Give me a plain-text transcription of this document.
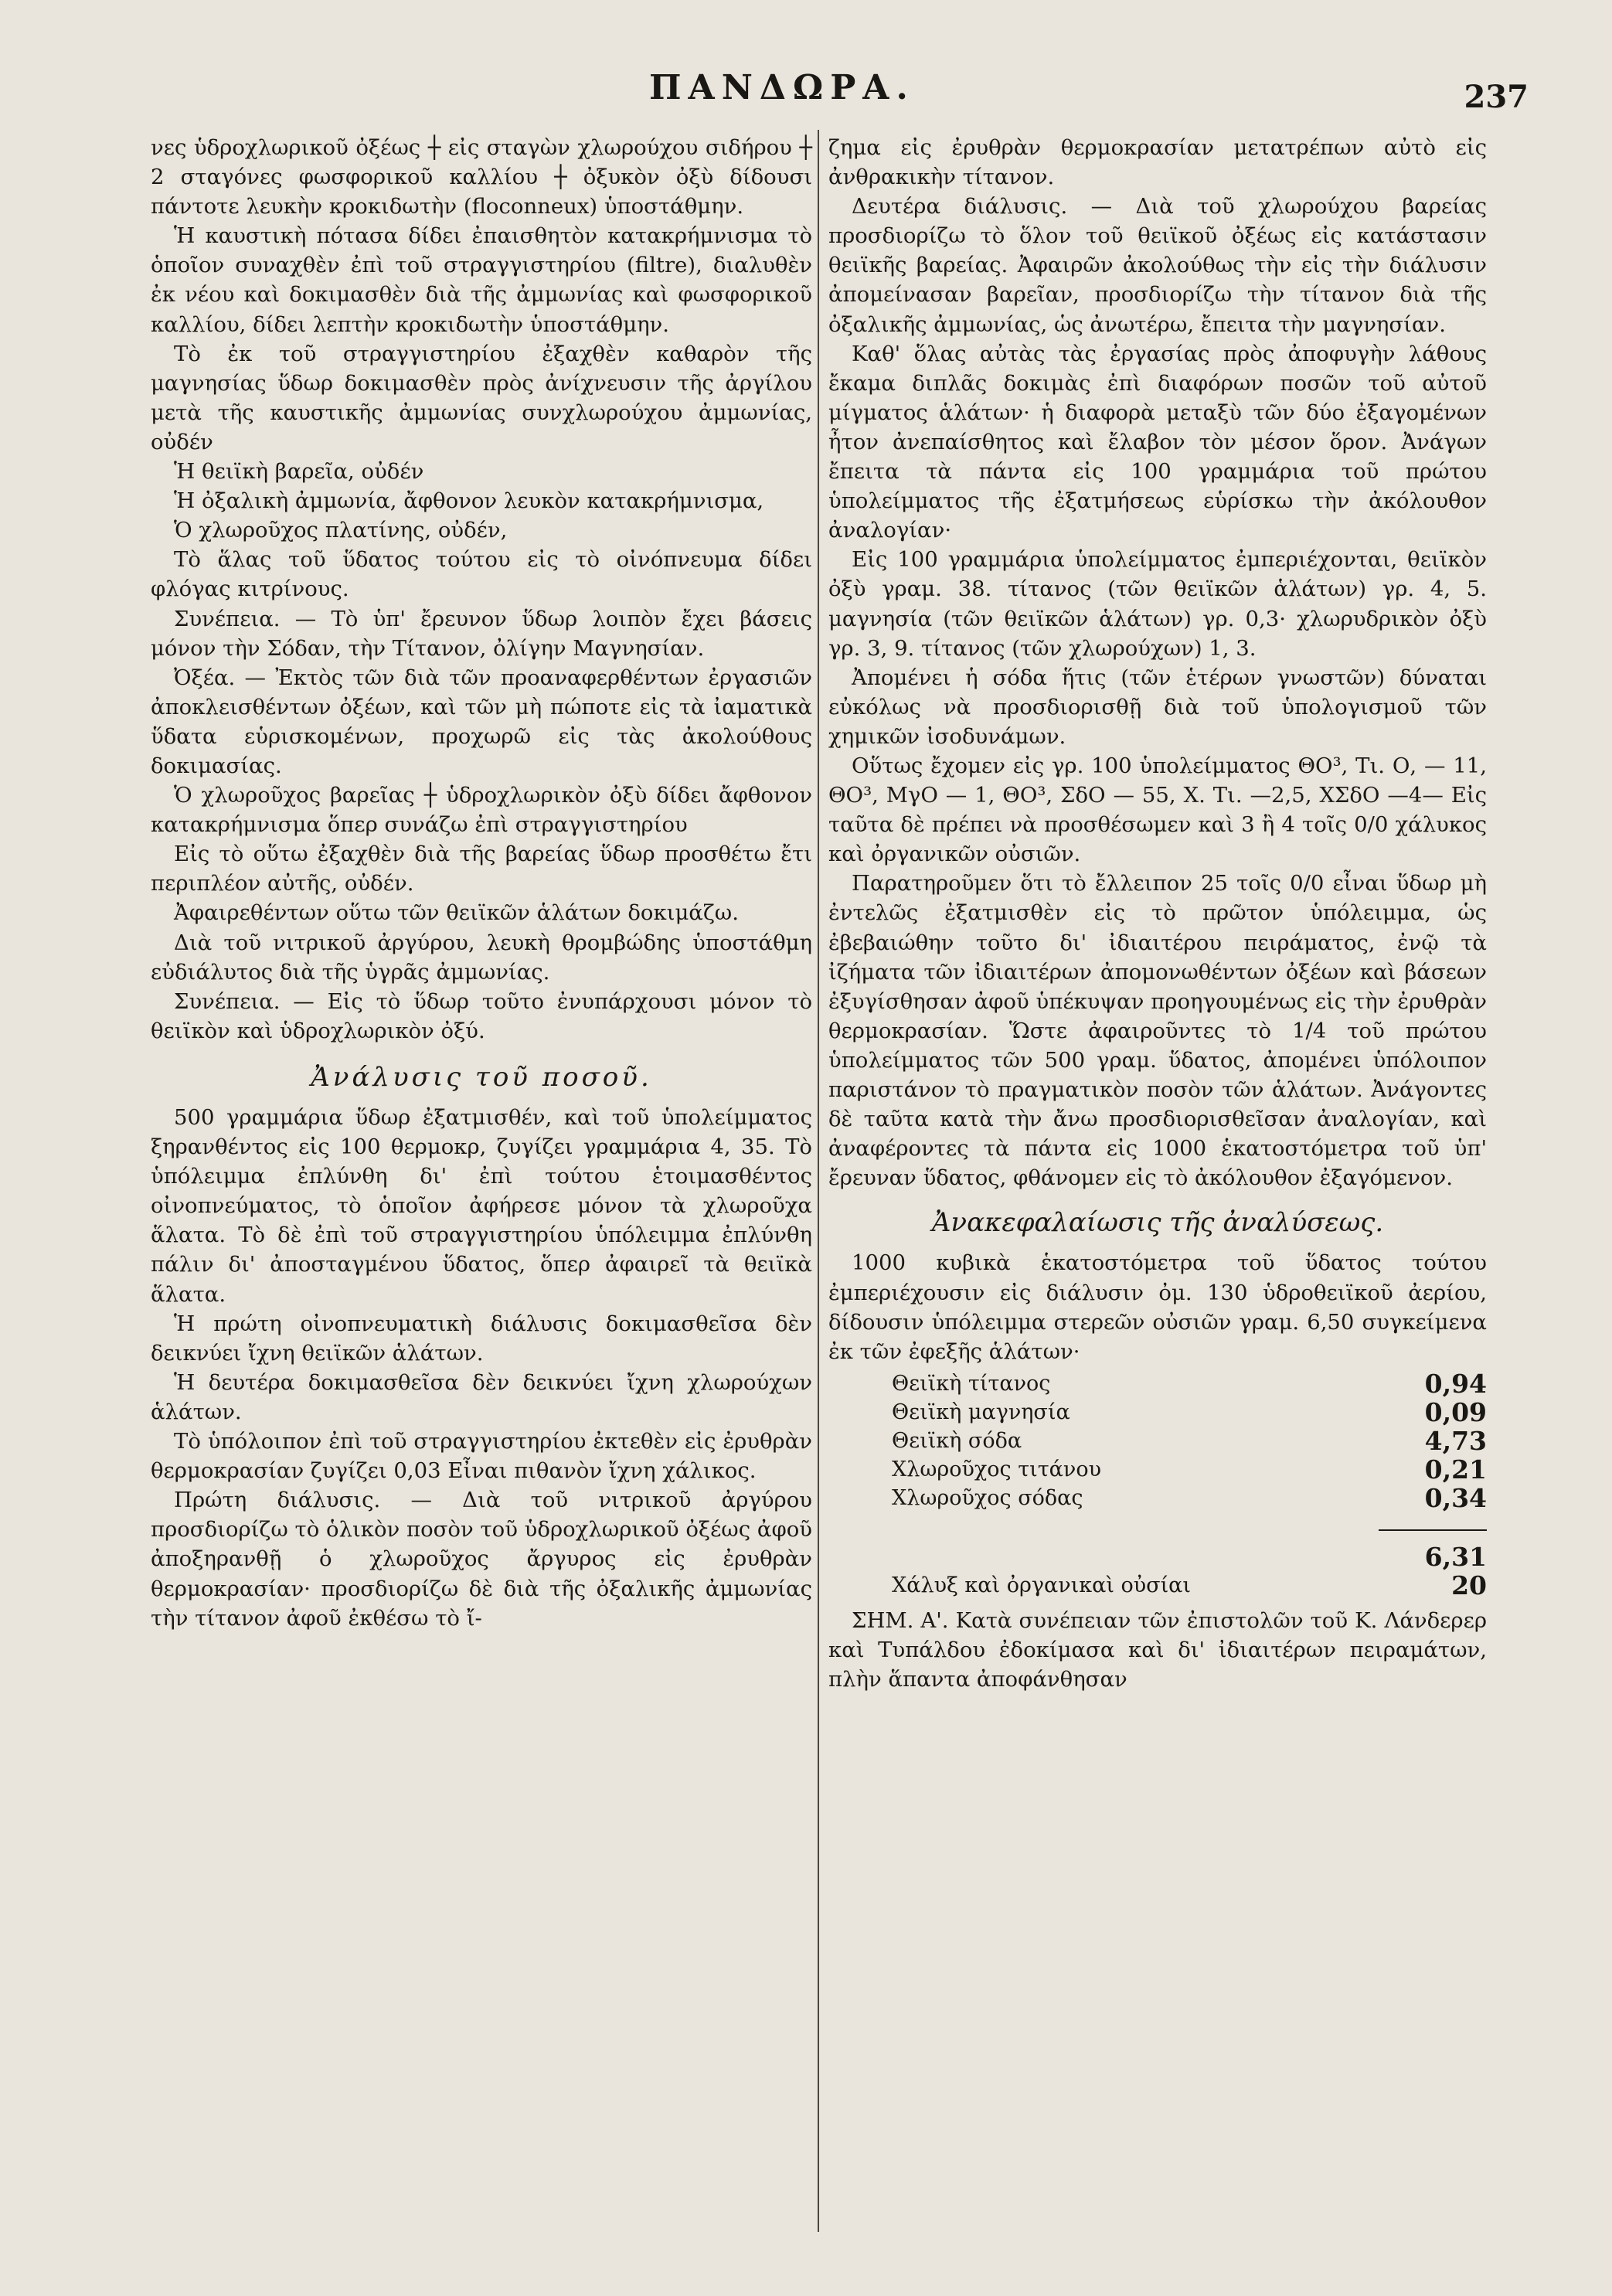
ΠΑΝΔΩΡΑ.	237

νες ὑδροχλωρικοῦ ὀξέως ┼ εἰς σταγὼν χλωρούχου σιδήρου ┼ 2 σταγόνες φωσφορικοῦ καλλίου ┼ ὀξυκὸν ὀξὺ δίδουσι πάντοτε λευκὴν κροκιδωτὴν (floconneux) ὑποστάθμην.

Ἡ καυστικὴ πότασα δίδει ἐπαισθητὸν κατακρήμνισμα τὸ ὁποῖον συναχθὲν ἐπὶ τοῦ στραγγιστηρίου (filtre), διαλυθὲν ἐκ νέου καὶ δοκιμασθὲν διὰ τῆς ἀμμωνίας καὶ φωσφορικοῦ καλλίου, δίδει λεπτὴν κροκιδωτὴν ὑποστάθμην.

Τὸ ἐκ τοῦ στραγγιστηρίου ἐξαχθὲν καθαρὸν τῆς μαγνησίας ὕδωρ δοκιμασθὲν πρὸς ἀνίχνευσιν τῆς ἀργίλου μετὰ τῆς καυστικῆς ἀμμωνίας συνχλωρούχου ἀμμωνίας, οὐδέν

Ἡ θειϊκὴ βαρεῖα, οὐδέν

Ἡ ὀξαλικὴ ἀμμωνία, ἄφθονον λευκὸν κατακρήμνισμα,

Ὁ χλωροῦχος πλατίνης, οὐδέν,

Τὸ ἅλας τοῦ ὕδατος τούτου εἰς τὸ οἰνόπνευμα δίδει φλόγας κιτρίνους.

Συνέπεια. — Τὸ ὑπ' ἔρευνον ὕδωρ λοιπὸν ἔχει βάσεις μόνον τὴν Σόδαν, τὴν Τίτανον, ὀλίγην Μαγνησίαν.

Ὀξέα. — Ἐκτὸς τῶν διὰ τῶν προαναφερθέντων ἐργασιῶν ἀποκλεισθέντων ὀξέων, καὶ τῶν μὴ πώποτε εἰς τὰ ἰαματικὰ ὕδατα εὑρισκομένων, προχωρῶ εἰς τὰς ἀκολούθους δοκιμασίας.

Ὁ χλωροῦχος βαρεῖας ┼ ὑδροχλωρικὸν ὀξὺ δίδει ἄφθονον κατακρήμνισμα ὅπερ συνάζω ἐπὶ στραγγιστηρίου

Εἰς τὸ οὕτω ἐξαχθὲν διὰ τῆς βαρείας ὕδωρ προσθέτω ἔτι περιπλέον αὐτῆς, οὐδέν.

Ἀφαιρεθέντων οὕτω τῶν θειϊκῶν ἁλάτων δοκιμάζω.

Διὰ τοῦ νιτρικοῦ ἀργύρου, λευκὴ θρομβώδης ὑποστάθμη εὐδιάλυτος διὰ τῆς ὑγρᾶς ἀμμωνίας.

Συνέπεια. — Εἰς τὸ ὕδωρ τοῦτο ἐνυπάρχουσι μόνον τὸ θειϊκὸν καὶ ὑδροχλωρικὸν ὀξύ.

Ἀνάλυσις τοῦ ποσοῦ.

500 γραμμάρια ὕδωρ ἐξατμισθέν, καὶ τοῦ ὑπολείμματος ξηρανθέντος εἰς 100 θερμοκρ, ζυγίζει γραμμάρια 4, 35. Τὸ ὑπόλειμμα ἐπλύνθη δι' ἐπὶ τούτου ἑτοιμασθέντος οἰνοπνεύματος, τὸ ὁποῖον ἀφήρεσε μόνον τὰ χλωροῦχα ἅλατα. Τὸ δὲ ἐπὶ τοῦ στραγγιστηρίου ὑπόλειμμα ἐπλύνθη πάλιν δι' ἀποσταγμένου ὕδατος, ὅπερ ἀφαιρεῖ τὰ θειϊκὰ ἅλατα.

Ἡ πρώτη οἰνοπνευματικὴ διάλυσις δοκιμασθεῖσα δὲν δεικνύει ἴχνη θειϊκῶν ἁλάτων.

Ἡ δευτέρα δοκιμασθεῖσα δὲν δεικνύει ἴχνη χλωρούχων ἁλάτων.

Τὸ ὑπόλοιπον ἐπὶ τοῦ στραγγιστηρίου ἐκτεθὲν εἰς ἐρυθρὰν θερμοκρασίαν ζυγίζει 0,03 Εἶναι πιθανὸν ἴχνη χάλικος.

Πρώτη διάλυσις. — Διὰ τοῦ νιτρικοῦ ἀργύρου προσδιορίζω τὸ ὁλικὸν ποσὸν τοῦ ὑδροχλωρικοῦ ὀξέως ἀφοῦ ἀποξηρανθῇ ὁ χλωροῦχος ἄργυρος εἰς ἐρυθρὰν θερμοκρασίαν· προσδιορίζω δὲ διὰ τῆς ὀξαλικῆς ἀμμωνίας τὴν τίτανον ἀφοῦ ἐκθέσω τὸ ἴ-

ζημα εἰς ἐρυθρὰν θερμοκρασίαν μετατρέπων αὐτὸ εἰς ἀνθρακικὴν τίτανον.

Δευτέρα διάλυσις. — Διὰ τοῦ χλωρούχου βαρείας προσδιορίζω τὸ ὅλον τοῦ θειϊκοῦ ὀξέως εἰς κατάστασιν θειϊκῆς βαρείας. Ἀφαιρῶν ἀκολούθως τὴν εἰς τὴν διάλυσιν ἀπομείνασαν βαρεῖαν, προσδιορίζω τὴν τίτανον διὰ τῆς ὀξαλικῆς ἀμμωνίας, ὡς ἀνωτέρω, ἔπειτα τὴν μαγνησίαν.

Καθ' ὅλας αὐτὰς τὰς ἐργασίας πρὸς ἀποφυγὴν λάθους ἔκαμα διπλᾶς δοκιμὰς ἐπὶ διαφόρων ποσῶν τοῦ αὐτοῦ μίγματος ἁλάτων· ἡ διαφορὰ μεταξὺ τῶν δύο ἐξαγομένων ἦτον ἀνεπαίσθητος καὶ ἔλαβον τὸν μέσον ὅρον. Ἀνάγων ἔπειτα τὰ πάντα εἰς 100 γραμμάρια τοῦ πρώτου ὑπολείμματος τῆς ἐξατμήσεως εὑρίσκω τὴν ἀκόλουθον ἀναλογίαν·

Εἰς 100 γραμμάρια ὑπολείμματος ἐμπεριέχονται, θειϊκὸν ὀξὺ γραμ. 38. τίτανος (τῶν θειϊκῶν ἁλάτων) γρ. 4, 5. μαγνησία (τῶν θειϊκῶν ἁλάτων) γρ. 0,3· χλωρυδρικὸν ὀξὺ γρ. 3, 9. τίτανος (τῶν χλωρούχων) 1, 3.

Ἀπομένει ἡ σόδα ἥτις (τῶν ἑτέρων γνωστῶν) δύναται εὐκόλως νὰ προσδιορισθῇ διὰ τοῦ ὑπολογισμοῦ τῶν χημικῶν ἰσοδυνάμων.

Οὕτως ἔχομεν εἰς γρ. 100 ὑπολείμματος ΘΟ³, Τι. Ο, — 11, ΘΟ³, ΜγΟ — 1, ΘΟ³, ΣδΟ — 55, Χ. Τι. —2,5, ΧΣδΟ —4— Εἰς ταῦτα δὲ πρέπει νὰ προσθέσωμεν καὶ 3 ἢ 4 τοῖς 0/0 χάλυκος καὶ ὀργανικῶν οὐσιῶν.

Παρατηροῦμεν ὅτι τὸ ἔλλειπον 25 τοῖς 0/0 εἶναι ὕδωρ μὴ ἐντελῶς ἐξατμισθὲν εἰς τὸ πρῶτον ὑπόλειμμα, ὡς ἐβεβαιώθην τοῦτο δι' ἰδιαιτέρου πειράματος, ἐνῷ τὰ ἰζήματα τῶν ἰδιαιτέρων ἀπομονωθέντων ὀξέων καὶ βάσεων ἐξυγίσθησαν ἀφοῦ ὑπέκυψαν προηγουμένως εἰς τὴν ἐρυθρὰν θερμοκρασίαν. Ὥστε ἀφαιροῦντες τὸ 1/4 τοῦ πρώτου ὑπολείμματος τῶν 500 γραμ. ὕδατος, ἀπομένει ὑπόλοιπον παριστάνον τὸ πραγματικὸν ποσὸν τῶν ἁλάτων. Ἀνάγοντες δὲ ταῦτα κατὰ τὴν ἄνω προσδιορισθεῖσαν ἀναλογίαν, καὶ ἀναφέροντες τὰ πάντα εἰς 1000 ἑκατοστόμετρα τοῦ ὑπ' ἔρευναν ὕδατος, φθάνομεν εἰς τὸ ἀκόλουθον ἐξαγόμενον.

Ἀνακεφαλαίωσις τῆς ἀναλύσεως.

1000 κυβικὰ ἑκατοστόμετρα τοῦ ὕδατος τούτου ἐμπεριέχουσιν εἰς διάλυσιν ὀμ. 130 ὑδροθειϊκοῦ ἀερίου, δίδουσιν ὑπόλειμμα στερεῶν οὐσιῶν γραμ. 6,50 συγκείμενα ἐκ τῶν ἐφεξῆς ἁλάτων·

Θειϊκὴ τίτανος	0,94
Θειϊκὴ μαγνησία	0,09
Θειϊκὴ σόδα	4,73
Χλωροῦχος τιτάνου	0,21
Χλωροῦχος σόδας	0,34

	6,31
Χάλυξ καὶ ὀργανικαὶ οὐσίαι	20

ΣΗΜ. Α'. Κατὰ συνέπειαν τῶν ἐπιστολῶν τοῦ Κ. Λάνδερερ καὶ Τυπάλδου ἐδοκίμασα καὶ δι' ἰδιαιτέρων πειραμάτων, πλὴν ἅπαντα ἀποφάνθησαν
